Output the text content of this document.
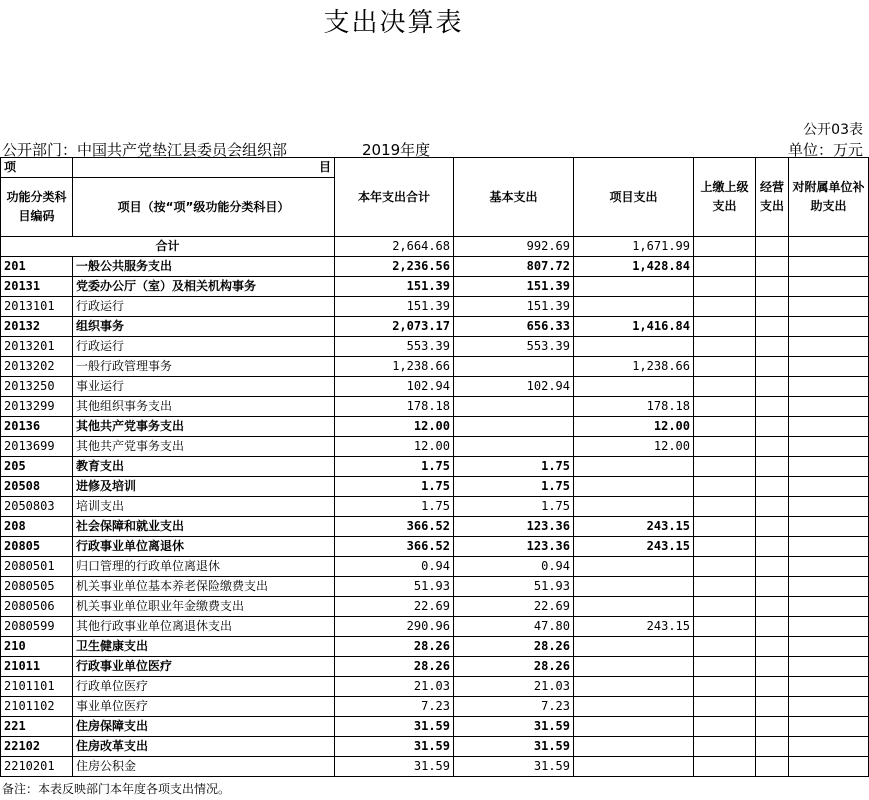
支出决算表
公开03表
公开部门：中国共产党垫江县委员会组织部	2019年度	单位：万元
项	目	本年支出合计	基本支出	项目支出	上缴上级支出	经营支出	对附属单位补助支出
功能分类科目编码	项目（按“项”级功能分类科目）						

合计		2,664.68	992.69	1,671.99			
201	一般公共服务支出	2,236.56	807.72	1,428.84			
20131	党委办公厅（室）及相关机构事务	151.39	151.39				
2013101	行政运行	151.39	151.39				
20132	组织事务	2,073.17	656.33	1,416.84			
2013201	行政运行	553.39	553.39				
2013202	一般行政管理事务	1,238.66		1,238.66			
2013250	事业运行	102.94	102.94				
2013299	其他组织事务支出	178.18		178.18			
20136	其他共产党事务支出	12.00		12.00			
2013699	其他共产党事务支出	12.00		12.00			
205	教育支出	1.75	1.75				
20508	进修及培训	1.75	1.75				
2050803	培训支出	1.75	1.75				
208	社会保障和就业支出	366.52	123.36	243.15			
20805	行政事业单位离退休	366.52	123.36	243.15			
2080501	归口管理的行政单位离退休	0.94	0.94				
2080505	机关事业单位基本养老保险缴费支出	51.93	51.93				
2080506	机关事业单位职业年金缴费支出	22.69	22.69				
2080599	其他行政事业单位离退休支出	290.96	47.80	243.15			
210	卫生健康支出	28.26	28.26				
21011	行政事业单位医疗	28.26	28.26				
2101101	行政单位医疗	21.03	21.03				
2101102	事业单位医疗	7.23	7.23				
221	住房保障支出	31.59	31.59				
22102	住房改革支出	31.59	31.59				
2210201	住房公积金	31.59	31.59				
备注：本表反映部门本年度各项支出情况。
